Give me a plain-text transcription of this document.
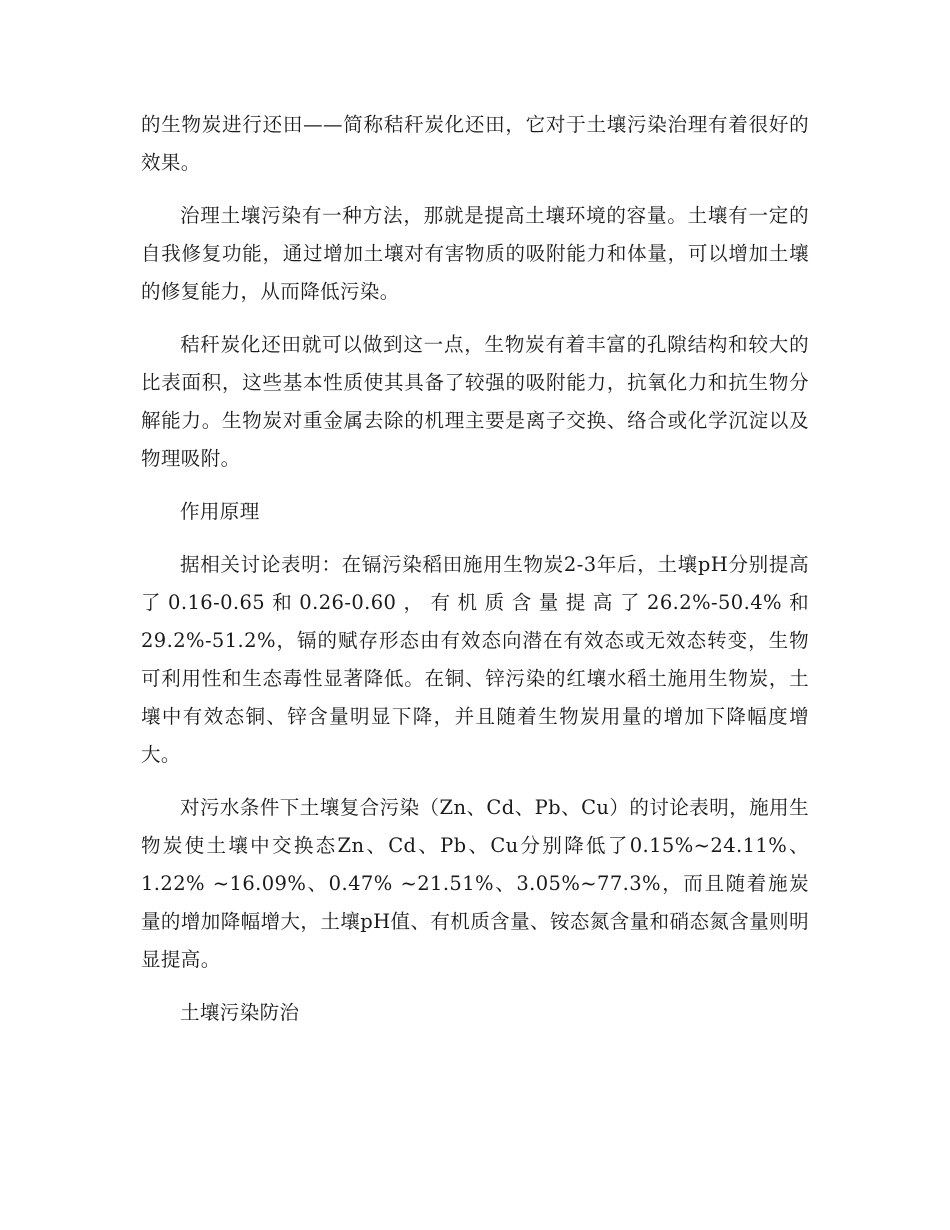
的生物炭进行还田——简称秸秆炭化还田，它对于土壤污染治理有着很好的效果。

治理土壤污染有一种方法，那就是提高土壤环境的容量。土壤有一定的自我修复功能，通过增加土壤对有害物质的吸附能力和体量，可以增加土壤的修复能力，从而降低污染。

秸秆炭化还田就可以做到这一点，生物炭有着丰富的孔隙结构和较大的比表面积，这些基本性质使其具备了较强的吸附能力，抗氧化力和抗生物分解能力。生物炭对重金属去除的机理主要是离子交换、络合或化学沉淀以及物理吸附。

作用原理

据相关讨论表明：在镉污染稻田施用生物炭2-3年后，土壤pH分别提高了0.16-0.65和0.26-0.60，有机质含量提高了26.2%-50.4%和29.2%-51.2%，镉的赋存形态由有效态向潜在有效态或无效态转变，生物可利用性和生态毒性显著降低。在铜、锌污染的红壤水稻土施用生物炭，土壤中有效态铜、锌含量明显下降，并且随着生物炭用量的增加下降幅度增大。

对污水条件下土壤复合污染（Zn、Cd、Pb、Cu）的讨论表明，施用生物炭使土壤中交换态Zn、Cd、Pb、Cu分别降低了0.15%~24.11%、1.22% ~16.09%、0.47% ~21.51%、3.05%~77.3%，而且随着施炭量的增加降幅增大，土壤pH值、有机质含量、铵态氮含量和硝态氮含量则明显提高。

土壤污染防治
